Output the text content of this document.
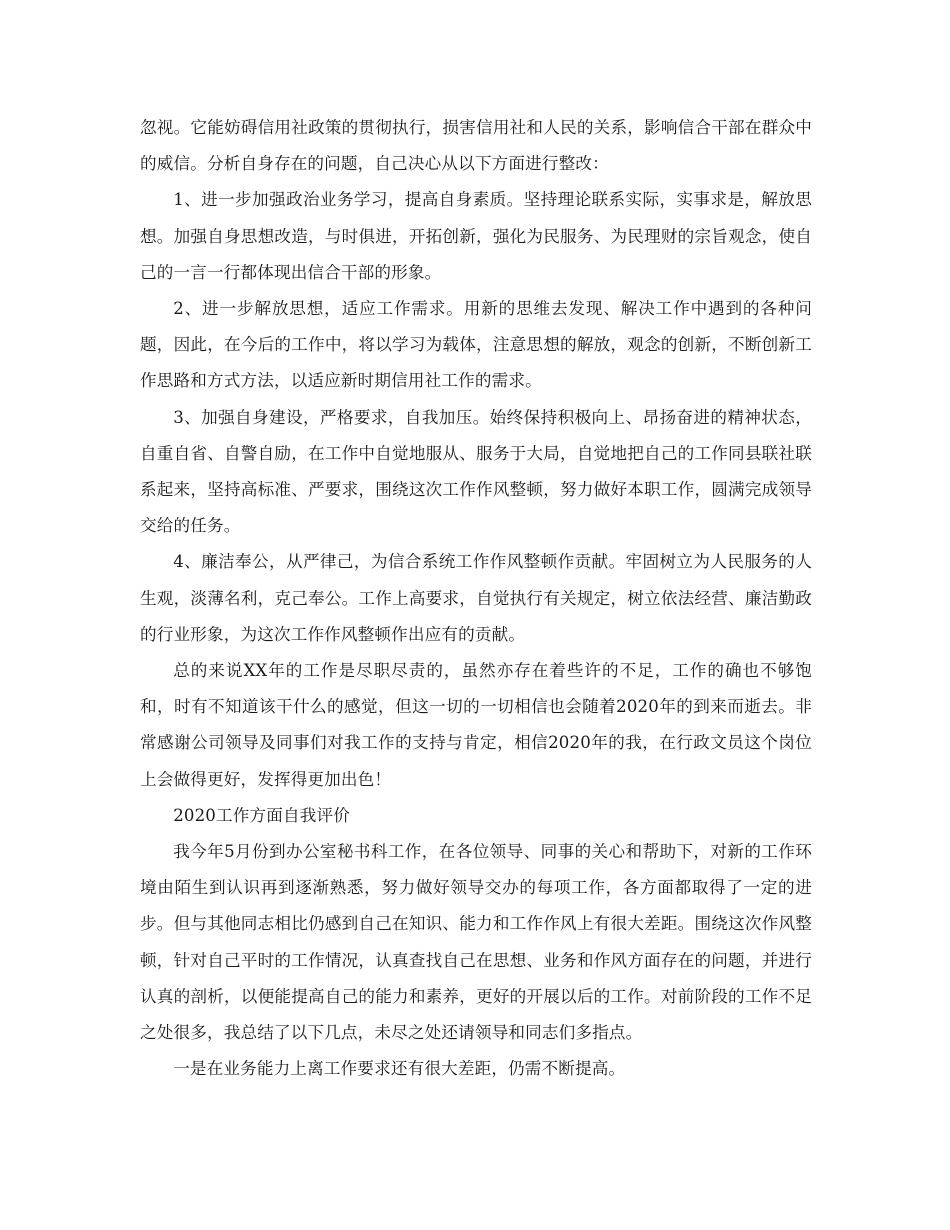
忽视。它能妨碍信用社政策的贯彻执行，损害信用社和人民的关系，影响信合干部在群众中的威信。分析自身存在的问题，自己决心从以下方面进行整改：

1、进一步加强政治业务学习，提高自身素质。坚持理论联系实际，实事求是，解放思想。加强自身思想改造，与时俱进，开拓创新，强化为民服务、为民理财的宗旨观念，使自己的一言一行都体现出信合干部的形象。

2、进一步解放思想，适应工作需求。用新的思维去发现、解决工作中遇到的各种问题，因此，在今后的工作中，将以学习为载体，注意思想的解放，观念的创新，不断创新工作思路和方式方法，以适应新时期信用社工作的需求。

3、加强自身建设，严格要求，自我加压。始终保持积极向上、昂扬奋进的精神状态，自重自省、自警自励，在工作中自觉地服从、服务于大局，自觉地把自己的工作同县联社联系起来，坚持高标准、严要求，围绕这次工作作风整顿，努力做好本职工作，圆满完成领导交给的任务。

4、廉洁奉公，从严律己，为信合系统工作作风整顿作贡献。牢固树立为人民服务的人生观，淡薄名利，克己奉公。工作上高要求，自觉执行有关规定，树立依法经营、廉洁勤政的行业形象，为这次工作作风整顿作出应有的贡献。

总的来说XX年的工作是尽职尽责的，虽然亦存在着些许的不足，工作的确也不够饱和，时有不知道该干什么的感觉，但这一切的一切相信也会随着2020年的到来而逝去。非常感谢公司领导及同事们对我工作的支持与肯定，相信2020年的我，在行政文员这个岗位上会做得更好，发挥得更加出色！

2020工作方面自我评价

我今年5月份到办公室秘书科工作，在各位领导、同事的关心和帮助下，对新的工作环境由陌生到认识再到逐渐熟悉，努力做好领导交办的每项工作，各方面都取得了一定的进步。但与其他同志相比仍感到自己在知识、能力和工作作风上有很大差距。围绕这次作风整顿，针对自己平时的工作情况，认真查找自己在思想、业务和作风方面存在的问题，并进行认真的剖析，以便能提高自己的能力和素养，更好的开展以后的工作。对前阶段的工作不足之处很多，我总结了以下几点，未尽之处还请领导和同志们多指点。

一是在业务能力上离工作要求还有很大差距，仍需不断提高。
